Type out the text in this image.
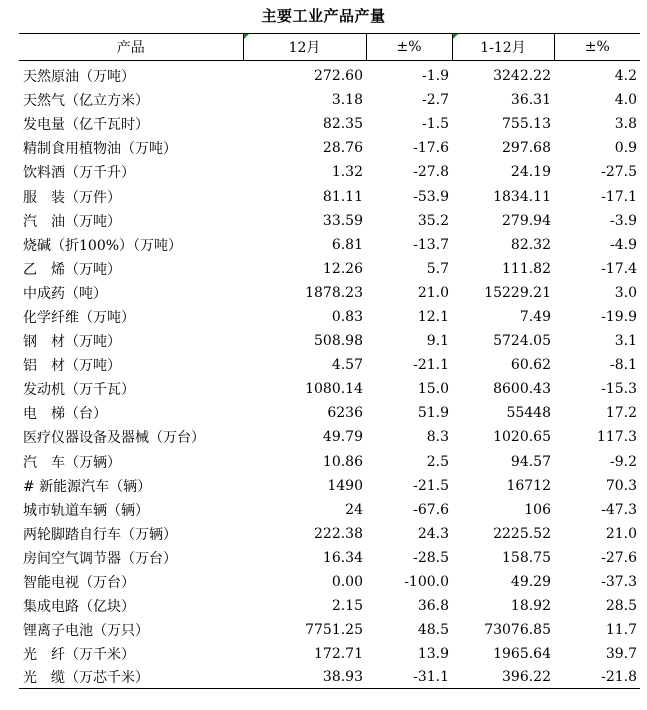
主要工业产品产量
产品	12月	±%	1-12月	±%
天然原油（万吨）	272.60	-1.9	3242.22	4.2
天然气（亿立方米）	3.18	-2.7	36.31	4.0
发电量（亿千瓦时）	82.35	-1.5	755.13	3.8
精制食用植物油（万吨）	28.76	-17.6	297.68	0.9
饮料酒（万千升）	1.32	-27.8	24.19	-27.5
服　装（万件）	81.11	-53.9	1834.11	-17.1
汽　油（万吨）	33.59	35.2	279.94	-3.9
烧碱（折100%）（万吨）	6.81	-13.7	82.32	-4.9
乙　烯（万吨）	12.26	5.7	111.82	-17.4
中成药（吨）	1878.23	21.0	15229.21	3.0
化学纤维（万吨）	0.83	12.1	7.49	-19.9
钢　材（万吨）	508.98	9.1	5724.05	3.1
铝　材（万吨）	4.57	-21.1	60.62	-8.1
发动机（万千瓦）	1080.14	15.0	8600.43	-15.3
电　梯（台）	6236	51.9	55448	17.2
医疗仪器设备及器械（万台）	49.79	8.3	1020.65	117.3
汽　车（万辆）	10.86	2.5	94.57	-9.2
# 新能源汽车（辆）	1490	-21.5	16712	70.3
城市轨道车辆（辆）	24	-67.6	106	-47.3
两轮脚踏自行车（万辆）	222.38	24.3	2225.52	21.0
房间空气调节器（万台）	16.34	-28.5	158.75	-27.6
智能电视（万台）	0.00	-100.0	49.29	-37.3
集成电路（亿块）	2.15	36.8	18.92	28.5
锂离子电池（万只）	7751.25	48.5	73076.85	11.7
光　纤（万千米）	172.71	13.9	1965.64	39.7
光　缆（万芯千米）	38.93	-31.1	396.22	-21.8
